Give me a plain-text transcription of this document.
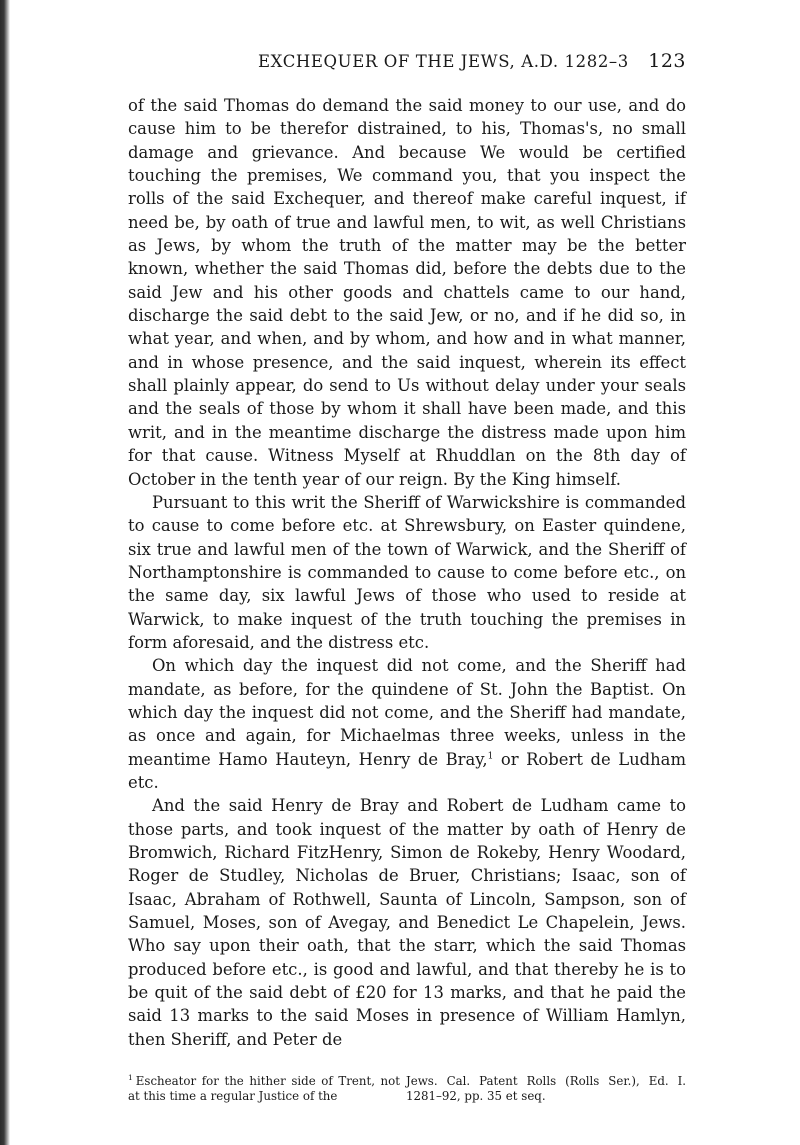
EXCHEQUER OF THE JEWS, A.D. 1282–3 123

of the said Thomas do demand the said money to our use, and do cause him to be therefor distrained, to his, Thomas's, no small damage and grievance. And because We would be certified touching the premises, We command you, that you inspect the rolls of the said Exchequer, and thereof make careful inquest, if need be, by oath of true and lawful men, to wit, as well Christians as Jews, by whom the truth of the matter may be the better known, whether the said Thomas did, before the debts due to the said Jew and his other goods and chattels came to our hand, discharge the said debt to the said Jew, or no, and if he did so, in what year, and when, and by whom, and how and in what manner, and in whose presence, and the said inquest, wherein its effect shall plainly appear, do send to Us without delay under your seals and the seals of those by whom it shall have been made, and this writ, and in the meantime discharge the distress made upon him for that cause. Witness Myself at Rhuddlan on the 8th day of October in the tenth year of our reign. By the King himself.

Pursuant to this writ the Sheriff of Warwickshire is commanded to cause to come before etc. at Shrewsbury, on Easter quindene, six true and lawful men of the town of Warwick, and the Sheriff of Northamptonshire is commanded to cause to come before etc., on the same day, six lawful Jews of those who used to reside at Warwick, to make inquest of the truth touching the premises in form aforesaid, and the distress etc.

On which day the inquest did not come, and the Sheriff had mandate, as before, for the quindene of St. John the Baptist. On which day the inquest did not come, and the Sheriff had mandate, as once and again, for Michaelmas three weeks, unless in the meantime Hamo Hauteyn, Henry de Bray,$^1$ or Robert de Ludham etc.

And the said Henry de Bray and Robert de Ludham came to those parts, and took inquest of the matter by oath of Henry de Bromwich, Richard FitzHenry, Simon de Rokeby, Henry Woodard, Roger de Studley, Nicholas de Bruer, Christians; Isaac, son of Isaac, Abraham of Rothwell, Saunta of Lincoln, Sampson, son of Samuel, Moses, son of Avegay, and Benedict Le Chapelein, Jews. Who say upon their oath, that the starr, which the said Thomas produced before etc., is good and lawful, and that thereby he is to be quit of the said debt of £20 for 13 marks, and that he paid the said 13 marks to the said Moses in presence of William Hamlyn, then Sheriff, and Peter de

$^1$ Escheator for the hither side of Trent, not at this time a regular Justice of the
Jews. Cal. Patent Rolls (Rolls Ser.), Ed. I. 1281–92, pp. 35 et seq.
